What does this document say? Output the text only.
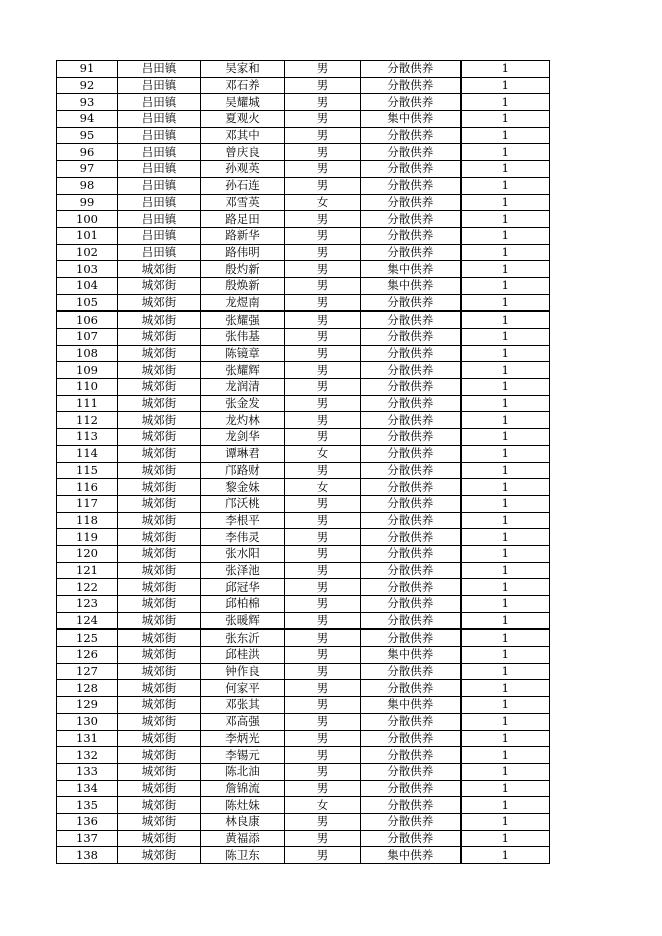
91	吕田镇	吴家和	男	分散供养	1
92	吕田镇	邓石养	男	分散供养	1
93	吕田镇	吴耀城	男	分散供养	1
94	吕田镇	夏观火	男	集中供养	1
95	吕田镇	邓其中	男	分散供养	1
96	吕田镇	曾庆良	男	分散供养	1
97	吕田镇	孙观英	男	分散供养	1
98	吕田镇	孙石连	男	分散供养	1
99	吕田镇	邓雪英	女	分散供养	1
100	吕田镇	路足田	男	分散供养	1
101	吕田镇	路新华	男	分散供养	1
102	吕田镇	路伟明	男	分散供养	1
103	城郊街	殷灼新	男	集中供养	1
104	城郊街	殷焕新	男	集中供养	1
105	城郊街	龙煜南	男	分散供养	1
106	城郊街	张耀强	男	分散供养	1
107	城郊街	张伟基	男	分散供养	1
108	城郊街	陈镜章	男	分散供养	1
109	城郊街	张耀辉	男	分散供养	1
110	城郊街	龙润清	男	分散供养	1
111	城郊街	张金发	男	分散供养	1
112	城郊街	龙灼林	男	分散供养	1
113	城郊街	龙剑华	男	分散供养	1
114	城郊街	谭琳君	女	分散供养	1
115	城郊街	邝路财	男	分散供养	1
116	城郊街	黎金妹	女	分散供养	1
117	城郊街	邝沃桃	男	分散供养	1
118	城郊街	李根平	男	分散供养	1
119	城郊街	李伟灵	男	分散供养	1
120	城郊街	张水阳	男	分散供养	1
121	城郊街	张泽池	男	分散供养	1
122	城郊街	邱冠华	男	分散供养	1
123	城郊街	邱柏棉	男	分散供养	1
124	城郊街	张暖辉	男	分散供养	1
125	城郊街	张东沂	男	分散供养	1
126	城郊街	邱桂洪	男	集中供养	1
127	城郊街	钟作良	男	分散供养	1
128	城郊街	何家平	男	分散供养	1
129	城郊街	邓张其	男	集中供养	1
130	城郊街	邓高强	男	分散供养	1
131	城郊街	李炳光	男	分散供养	1
132	城郊街	李锡元	男	分散供养	1
133	城郊街	陈北油	男	分散供养	1
134	城郊街	詹锦流	男	分散供养	1
135	城郊街	陈灶妹	女	分散供养	1
136	城郊街	林良康	男	分散供养	1
137	城郊街	黄福添	男	分散供养	1
138	城郊街	陈卫东	男	集中供养	1
